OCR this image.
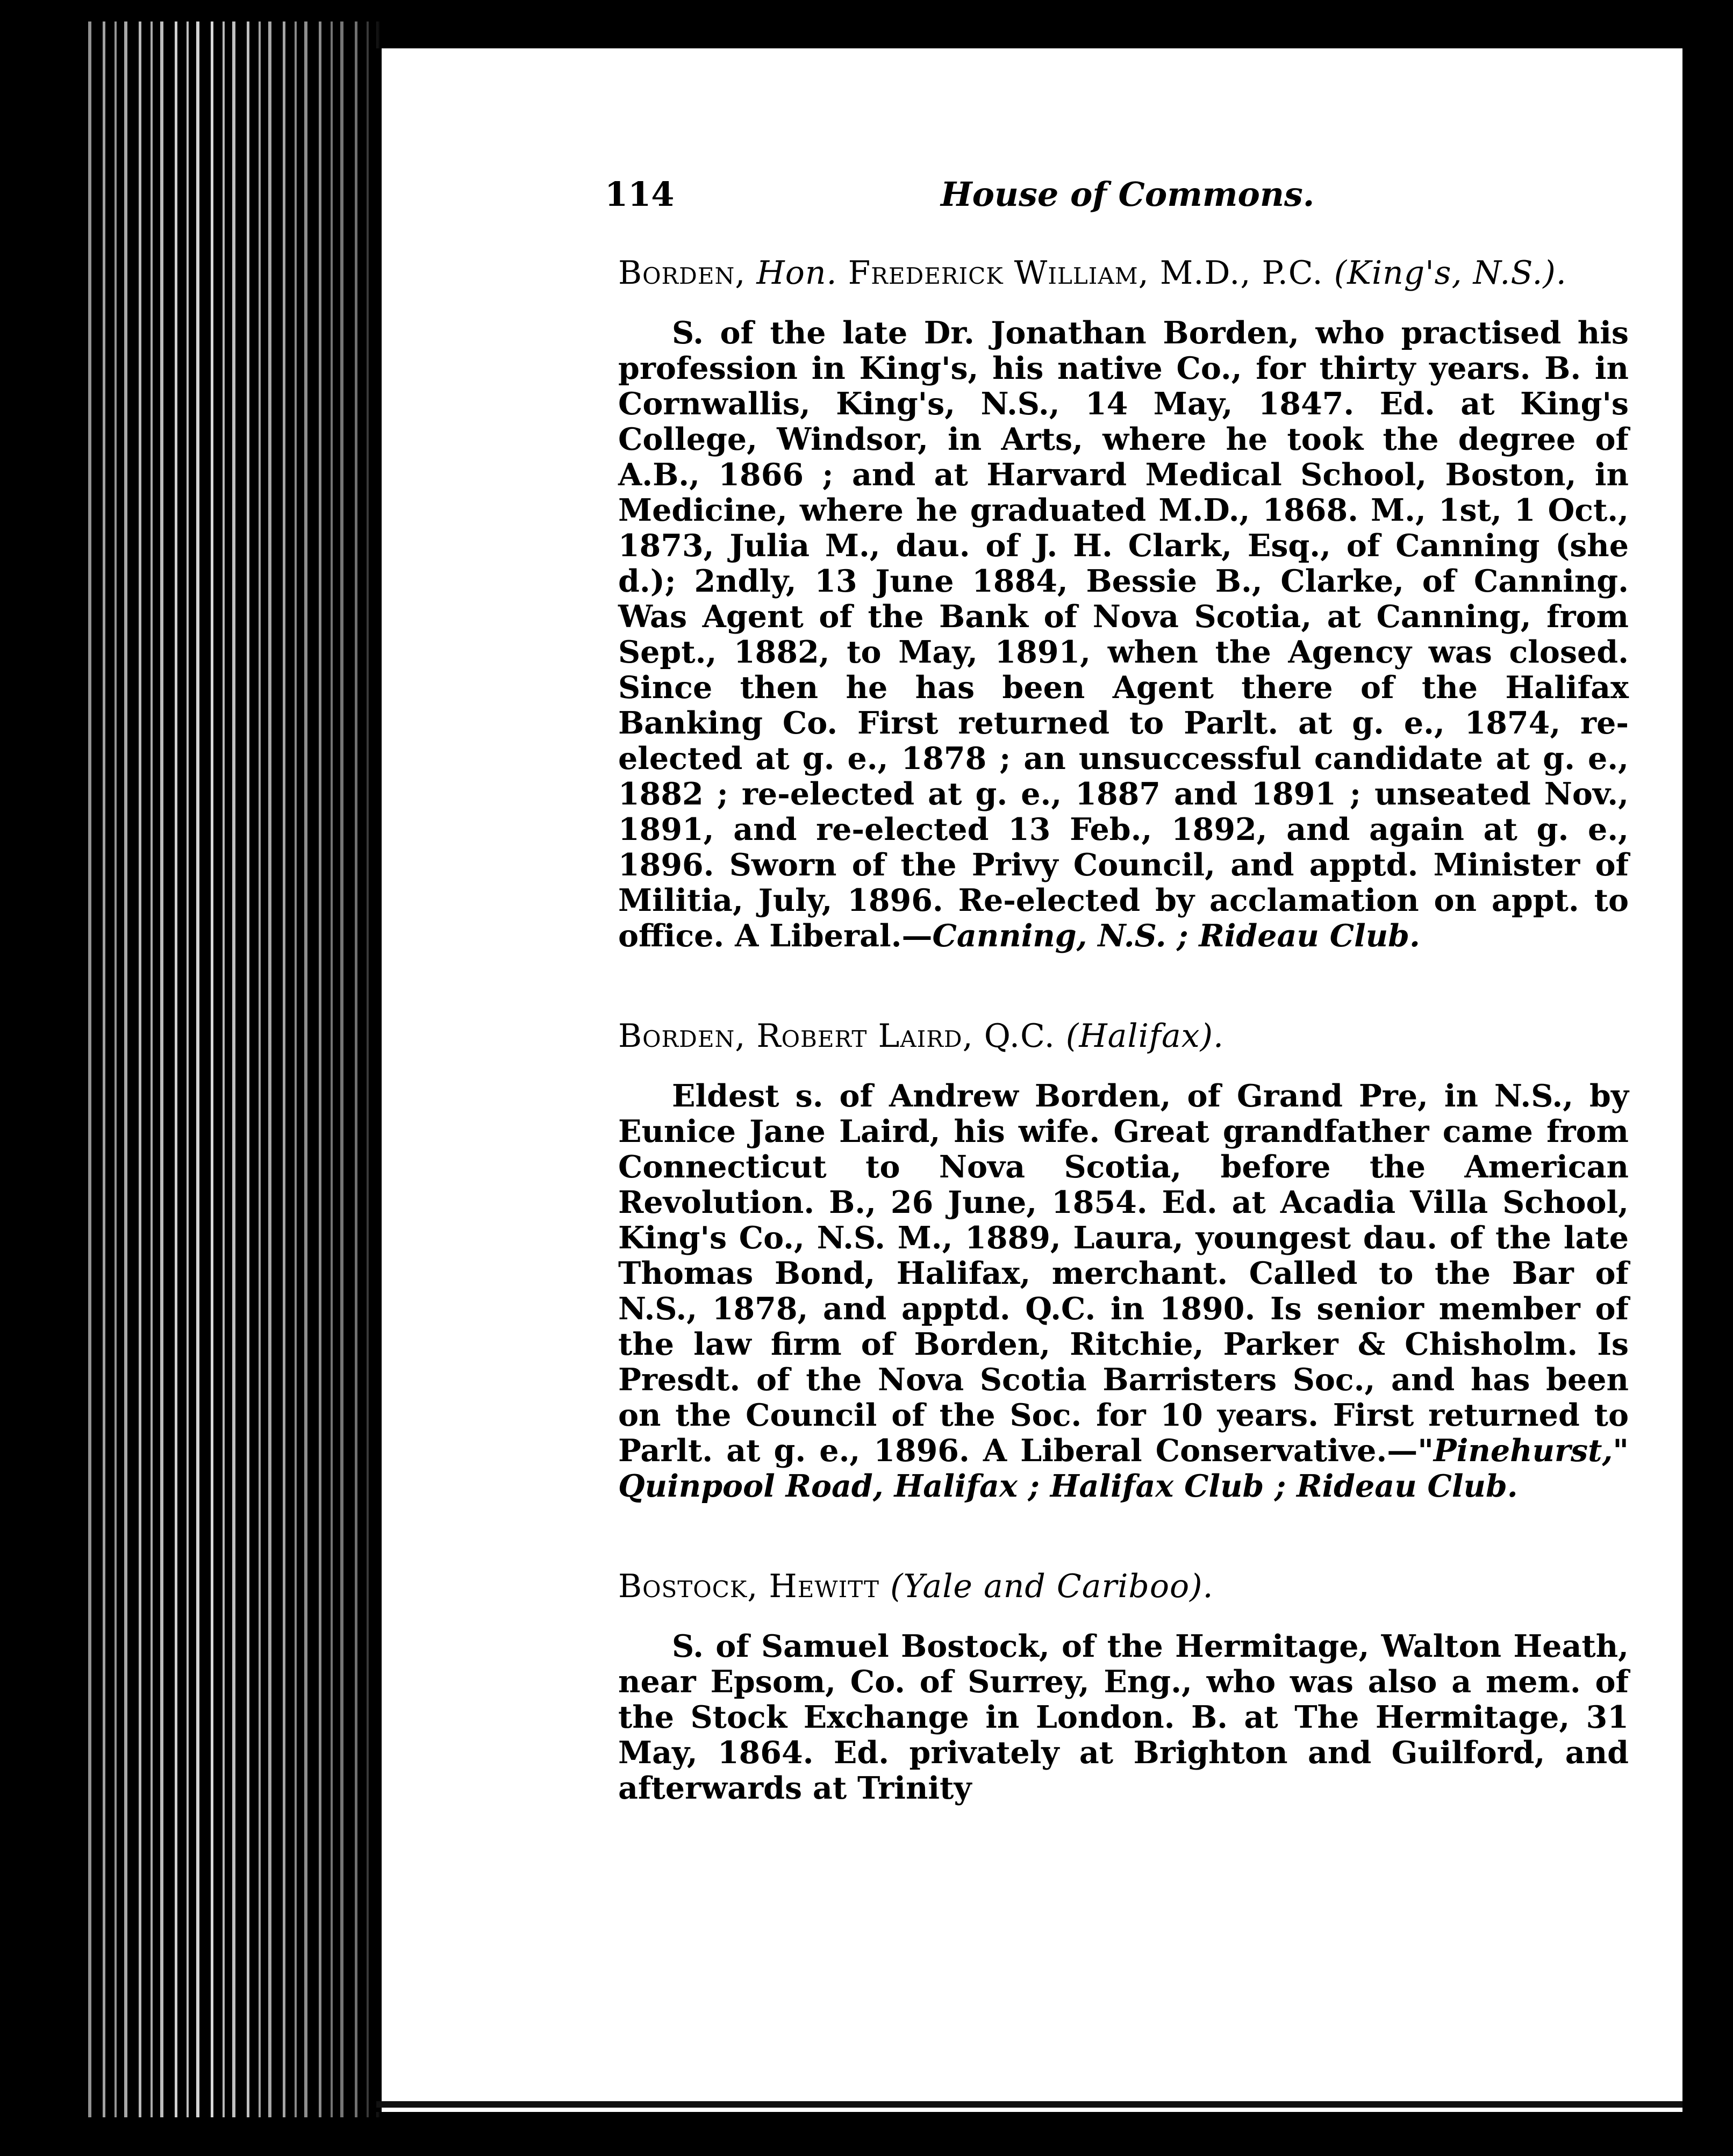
114	House of Commons.

Borden, Hon. Frederick William, M.D., P.C. (King's, N.S.).

S. of the late Dr. Jonathan Borden, who practised his profession in King's, his native Co., for thirty years. B. in Cornwallis, King's, N.S., 14 May, 1847. Ed. at King's College, Windsor, in Arts, where he took the degree of A.B., 1866 ; and at Harvard Medical School, Boston, in Medicine, where he graduated M.D., 1868. M., 1st, 1 Oct., 1873, Julia M., dau. of J. H. Clark, Esq., of Canning (she d.); 2ndly, 13 June 1884, Bessie B., Clarke, of Canning. Was Agent of the Bank of Nova Scotia, at Canning, from Sept., 1882, to May, 1891, when the Agency was closed. Since then he has been Agent there of the Halifax Banking Co. First returned to Parlt. at g. e., 1874, re-elected at g. e., 1878 ; an unsuccessful candidate at g. e., 1882 ; re-elected at g. e., 1887 and 1891 ; unseated Nov., 1891, and re-elected 13 Feb., 1892, and again at g. e., 1896. Sworn of the Privy Council, and apptd. Minister of Militia, July, 1896. Re-elected by acclamation on appt. to office. A Liberal.—Canning, N.S. ; Rideau Club.

Borden, Robert Laird, Q.C. (Halifax).

Eldest s. of Andrew Borden, of Grand Pre, in N.S., by Eunice Jane Laird, his wife. Great grandfather came from Connecticut to Nova Scotia, before the American Revolution. B., 26 June, 1854. Ed. at Acadia Villa School, King's Co., N.S. M., 1889, Laura, youngest dau. of the late Thomas Bond, Halifax, merchant. Called to the Bar of N.S., 1878, and apptd. Q.C. in 1890. Is senior member of the law firm of Borden, Ritchie, Parker & Chisholm. Is Presdt. of the Nova Scotia Barristers Soc., and has been on the Council of the Soc. for 10 years. First returned to Parlt. at g. e., 1896. A Liberal Conservative.—"Pinehurst," Quinpool Road, Halifax ; Halifax Club ; Rideau Club.

Bostock, Hewitt (Yale and Cariboo).

S. of Samuel Bostock, of the Hermitage, Walton Heath, near Epsom, Co. of Surrey, Eng., who was also a mem. of the Stock Exchange in London. B. at The Hermitage, 31 May, 1864. Ed. privately at Brighton and Guilford, and afterwards at Trinity
